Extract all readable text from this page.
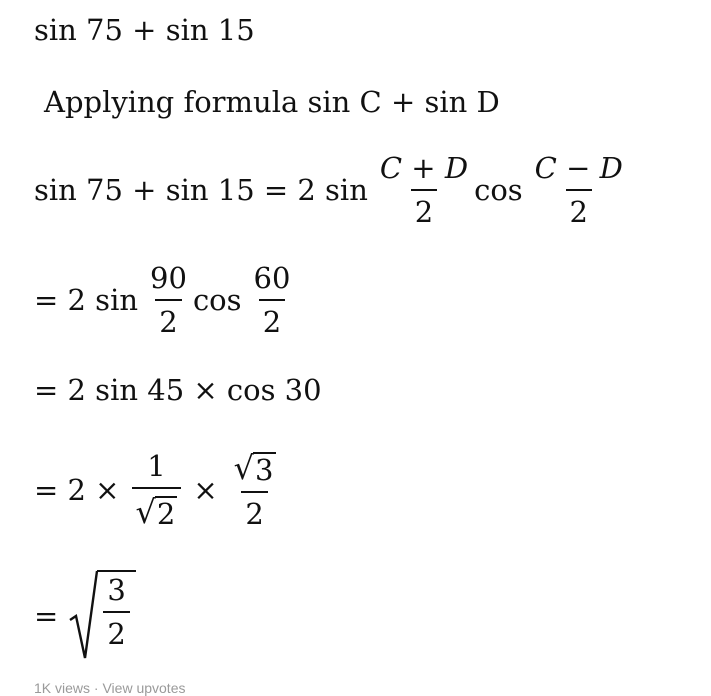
sin 75 + sin 15
Applying formula sin C + sin D
sin 75 + sin 15 = 2 $\sin \frac{C + D}{2}$ $\cos \frac{C - D}{2}$
= 2 $\sin \frac{90}{2}$ $\cos \frac{60}{2}$
= 2 sin 45 × cos 30
= $2 \times \frac{1}{√ 2} \times \frac{√ 3}{2}$
= $\frac{3}{2}$
1K views · View upvotes
